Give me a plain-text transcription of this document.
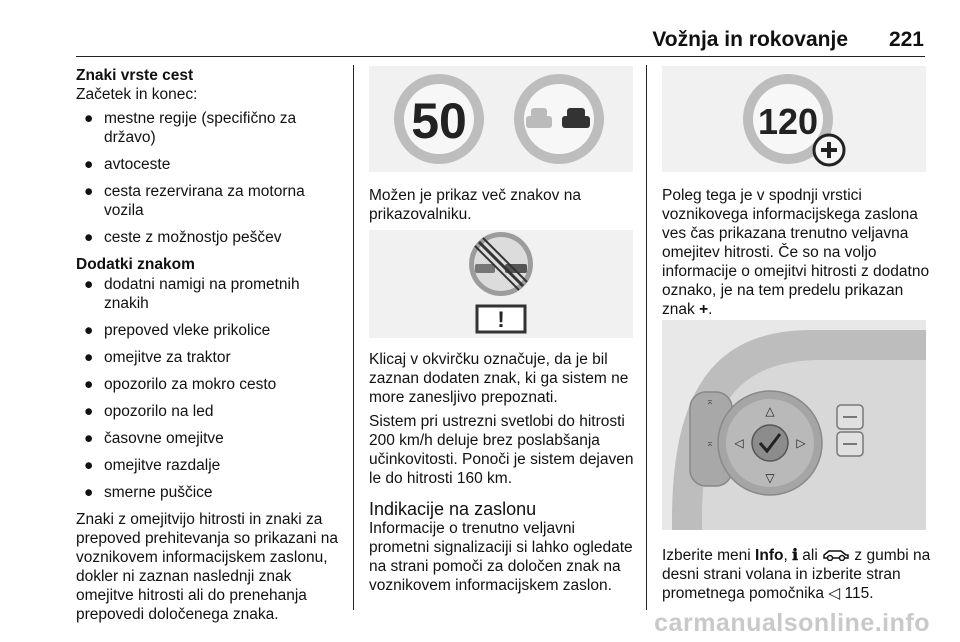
Vožnja in rokovanje 221

Znaki vrste cest

Začetek in konec:

● mestne regije (specifično za državo)
● avtoceste
● cesta rezervirana za motorna vozila
● ceste z možnostjo peščev

Dodatki znakom

● dodatni namigi na prometnih znakih
● prepoved vleke prikolice
● omejitve za traktor
● opozorilo za mokro cesto
● opozorilo na led
● časovne omejitve
● omejitve razdalje
● smerne puščice

Znaki z omejitvijo hitrosti in znaki za prepoved prehitevanja so prikazani na voznikovem informacijskem zaslonu, dokler ni zaznan naslednji znak omejitve hitrosti ali do prenehanja prepovedi določenega znaka.

50

Možen je prikaz več znakov na prikazovalniku.

!

Klicaj v okvirčku označuje, da je bil zaznan dodaten znak, ki ga sistem ne more zanesljivo prepoznati.

Sistem pri ustrezni svetlobi do hitrosti 200 km/h deluje brez poslabšanja učinkovitosti. Ponoči je sistem dejaven le do hitrosti 160 km.

Indikacije na zaslonu

Informacije o trenutno veljavni prometni signalizaciji si lahko ogledate na strani pomoči za določen znak na voznikovem informacijskem zaslon.

120

Poleg tega je v spodnji vrstici voznikovega informacijskega zaslona ves čas prikazana trenutno veljavna omejitev hitrosti. Če so na voljo informacije o omejitvi hitrosti z dodatno oznako, je na tem predelu prikazan znak +.

⌅
⌅
△
▽
◁	▷

Izberite meni Info, ℹ ali  z gumbi na desni strani volana in izberite stran prometnega pomočnika ◁ 115.

carmanualsonline.info
